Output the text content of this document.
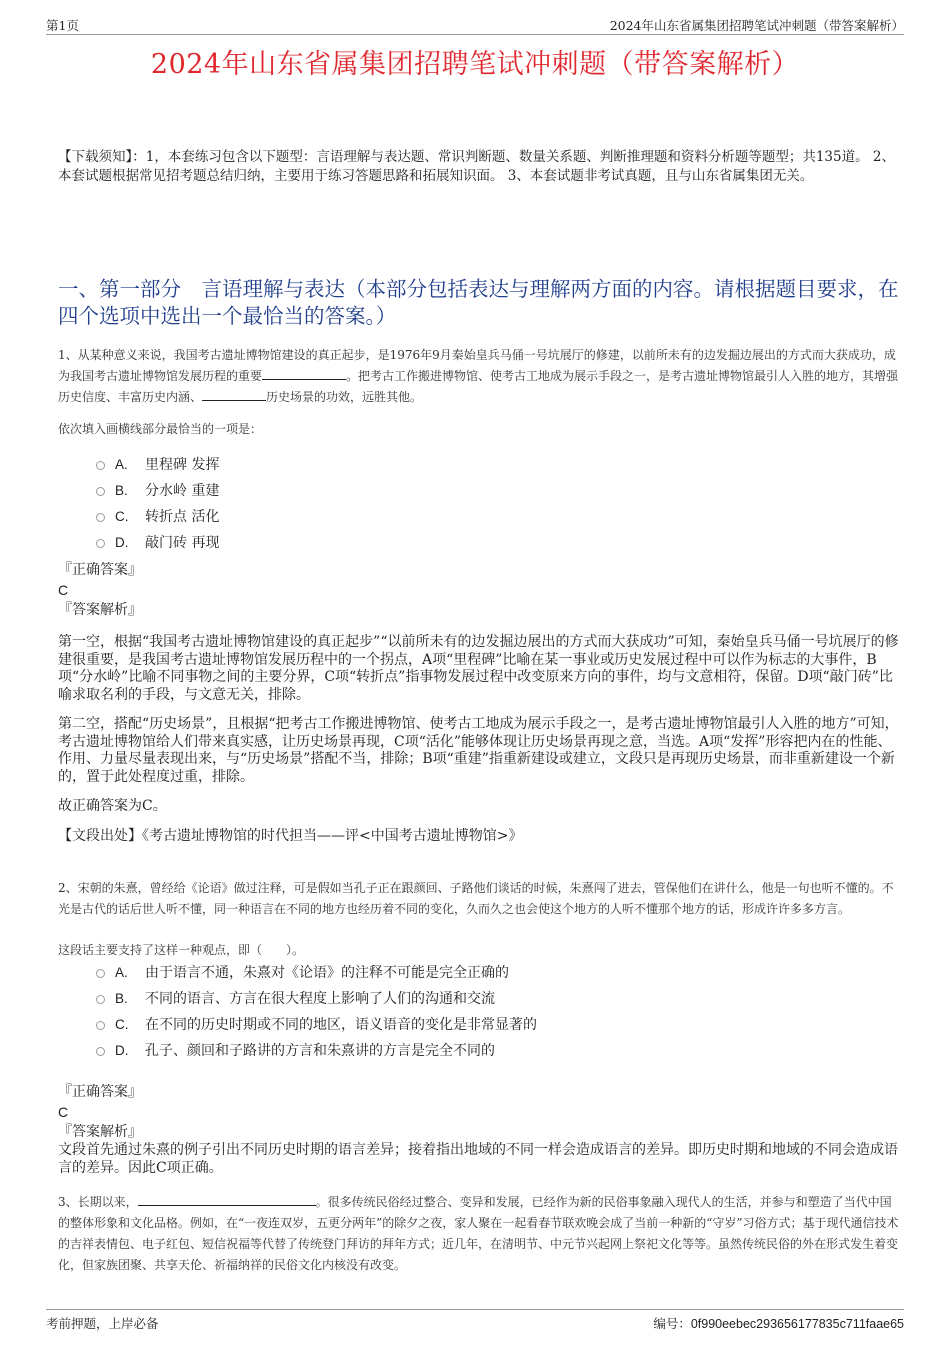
第1页	2024年山东省属集团招聘笔试冲刺题（带答案解析）
2024年山东省属集团招聘笔试冲刺题（带答案解析）
【下载须知】：1，本套练习包含以下题型：言语理解与表达题、常识判断题、数量关系题、判断推理题和资料分析题等题型；共135道。 2、本套试题根据常见招考题总结归纳，主要用于练习答题思路和拓展知识面。 3、本套试题非考试真题，且与山东省属集团无关。
一、第一部分　言语理解与表达（本部分包括表达与理解两方面的内容。请根据题目要求，在四个选项中选出一个最恰当的答案。）
1、从某种意义来说，我国考古遗址博物馆建设的真正起步，是1976年9月秦始皇兵马俑一号坑展厅的修建，以前所未有的边发掘边展出的方式而大获成功，成为我国考古遗址博物馆发展历程的重要	。把考古工作搬进博物馆、使考古工地成为展示手段之一，是考古遗址博物馆最引人入胜的地方，其增强历史信度、丰富历史内涵、	历史场景的功效，远胜其他。
依次填入画横线部分最恰当的一项是：
A.	里程碑 发挥
B.	分水岭 重建
C.	转折点 活化
D.	敲门砖 再现
『正确答案』
C
『答案解析』

第一空，根据“我国考古遗址博物馆建设的真正起步”“以前所未有的边发掘边展出的方式而大获成功”可知，秦始皇兵马俑一号坑展厅的修建很重要，是我国考古遗址博物馆发展历程中的一个拐点，A项“里程碑”比喻在某一事业或历史发展过程中可以作为标志的大事件，B项“分水岭”比喻不同事物之间的主要分界，C项“转折点”指事物发展过程中改变原来方向的事件，均与文意相符，保留。D项“敲门砖”比喻求取名利的手段，与文意无关，排除。

第二空，搭配“历史场景”，且根据“把考古工作搬进博物馆、使考古工地成为展示手段之一，是考古遗址博物馆最引人入胜的地方”可知，考古遗址博物馆给人们带来真实感，让历史场景再现，C项“活化”能够体现让历史场景再现之意，当选。A项“发挥”形容把内在的性能、作用、力量尽量表现出来，与“历史场景”搭配不当，排除；B项“重建”指重新建设或建立，文段只是再现历史场景，而非重新建设一个新的，置于此处程度过重，排除。

故正确答案为C。

【文段出处】《考古遗址博物馆的时代担当——评<中国考古遗址博物馆>》

2、宋朝的朱熹，曾经给《论语》做过注释，可是假如当孔子正在跟颜回、子路他们谈话的时候，朱熹闯了进去，管保他们在讲什么，他是一句也听不懂的。不光是古代的话后世人听不懂，同一种语言在不同的地方也经历着不同的变化，久而久之也会使这个地方的人听不懂那个地方的话，形成许许多多方言。
这段话主要支持了这样一种观点，即（　　）。
A.	由于语言不通，朱熹对《论语》的注释不可能是完全正确的
B.	不同的语言、方言在很大程度上影响了人们的沟通和交流
C.	在不同的历史时期或不同的地区，语义语音的变化是非常显著的
D.	孔子、颜回和子路讲的方言和朱熹讲的方言是完全不同的
『正确答案』
C
『答案解析』

文段首先通过朱熹的例子引出不同历史时期的语言差异；接着指出地域的不同一样会造成语言的差异。即历史时期和地域的不同会造成语言的差异。因此C项正确。

3、长期以来，	。很多传统民俗经过整合、变异和发展，已经作为新的民俗事象融入现代人的生活，并参与和塑造了当代中国的整体形象和文化品格。例如，在“一夜连双岁，五更分两年”的除夕之夜，家人聚在一起看春节联欢晚会成了当前一种新的“守岁”习俗方式；基于现代通信技术的吉祥表情包、电子红包、短信祝福等代替了传统登门拜访的拜年方式；近几年，在清明节、中元节兴起网上祭祀文化等等。虽然传统民俗的外在形式发生着变化，但家族团聚、共享天伦、祈福纳祥的民俗文化内核没有改变。
考前押题，上岸必备	编号：0f990eebec293656177835c711faae65
